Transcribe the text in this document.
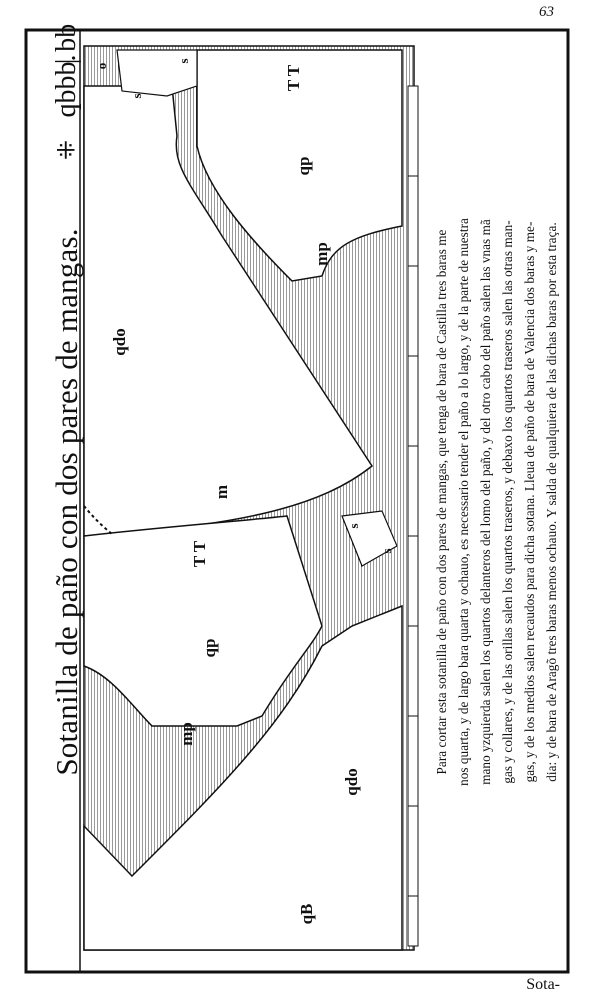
63
Sotanilla de paño con dos pares de mangas.
⁜
qbbb.
| bb
T T
qp
mp
qdo
m
T T
qp
mp
qdo
qB
s
s
s
s
o
Para cortar esta sotanilla de paño con dos pares de mangas, que tenga de bara de Castilla tres baras me nos quarta, y de largo bara quarta y ochauo, es necessario tender el paño a lo largo, y de la parte de nuestra mano yzquierda salen los quartos delanteros del lomo del paño, y del otro cabo del paño salen las vnas mã gas y collares, y de las orillas salen los quartos traseros, y debaxo los quartos traseros salen las otras man- gas, y de los medios salen recaudos para dicha sotana. Lleua de paño de bara de Valencia dos baras y me- dia: y de bara de Aragõ tres baras menos ochauo. Y salda de qualquiera de las dichas baras por esta traça.
Sota-
